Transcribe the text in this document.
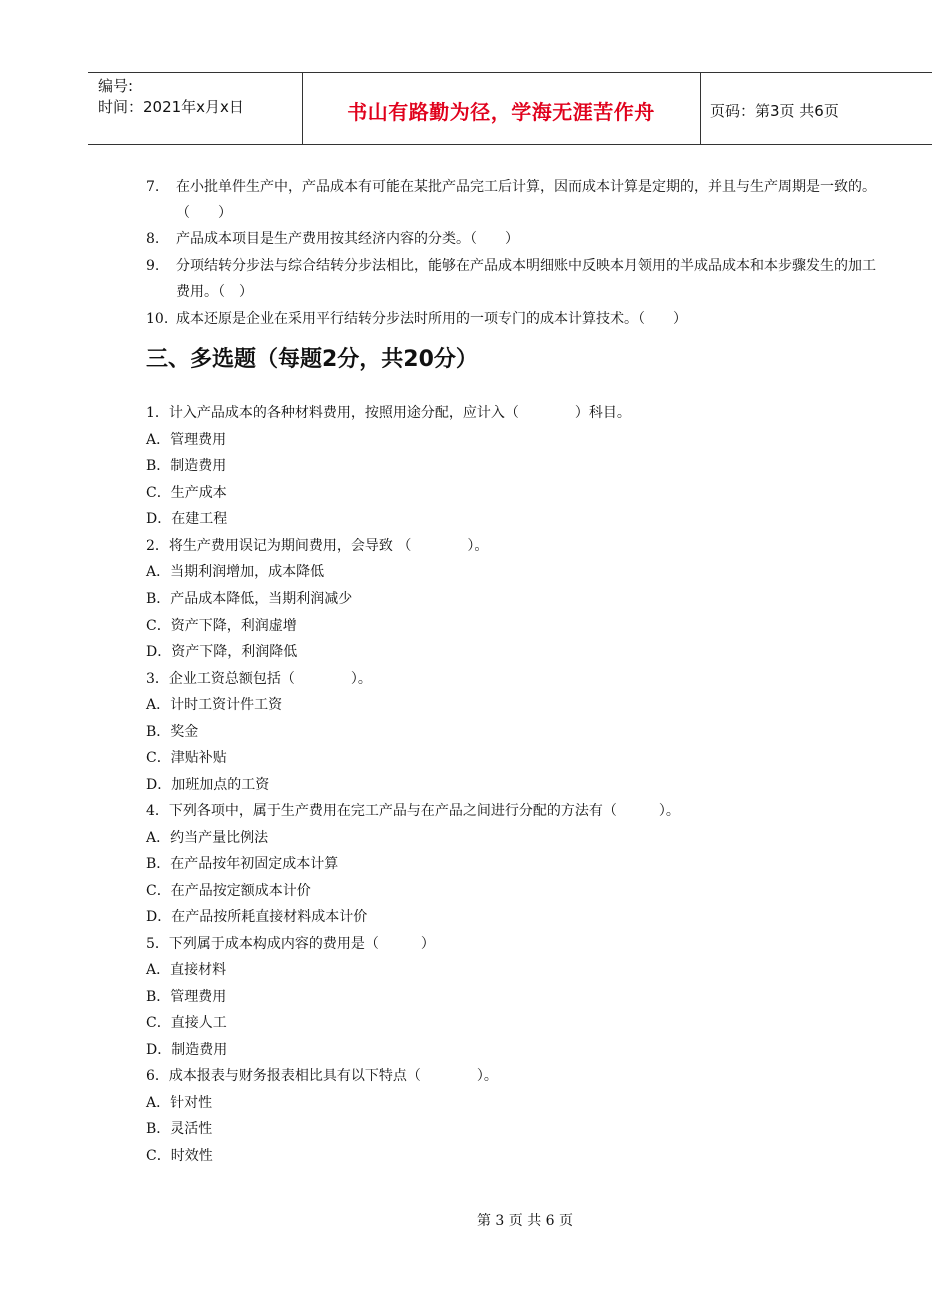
编号:
时间：2021年x月x日	书山有路勤为径，学海无涯苦作舟	页码：第3页 共6页
7.	在小批单件生产中，产品成本有可能在某批产品完工后计算，因而成本计算是定期的，并且与生产周期是一致的。（　　）
8.	产品成本项目是生产费用按其经济内容的分类。（　　）
9.	分项结转分步法与综合结转分步法相比，能够在产品成本明细账中反映本月领用的半成品成本和本步骤发生的加工费用。（　）
10. 成本还原是企业在采用平行结转分步法时所用的一项专门的成本计算技术。（　　）
三、多选题（每题2分，共20分）
1．计入产品成本的各种材料费用，按照用途分配，应计入（　　　　）科目。
A．管理费用
B．制造费用
C．生产成本
D．在建工程
2．将生产费用误记为期间费用，会导致 （　　　　）。
A．当期利润增加，成本降低
B．产品成本降低，当期利润减少
C．资产下降，利润虚增
D．资产下降，利润降低
3．企业工资总额包括（　　　　）。
A．计时工资计件工资
B．奖金
C．津贴补贴
D．加班加点的工资
4．下列各项中，属于生产费用在完工产品与在产品之间进行分配的方法有（　　　）。
A．约当产量比例法
B．在产品按年初固定成本计算
C．在产品按定额成本计价
D．在产品按所耗直接材料成本计价
5．下列属于成本构成内容的费用是（　　　）
A．直接材料
B．管理费用
C．直接人工
D．制造费用
6．成本报表与财务报表相比具有以下特点（　　　　）。
A．针对性
B．灵活性
C．时效性
第 3 页 共 6 页
